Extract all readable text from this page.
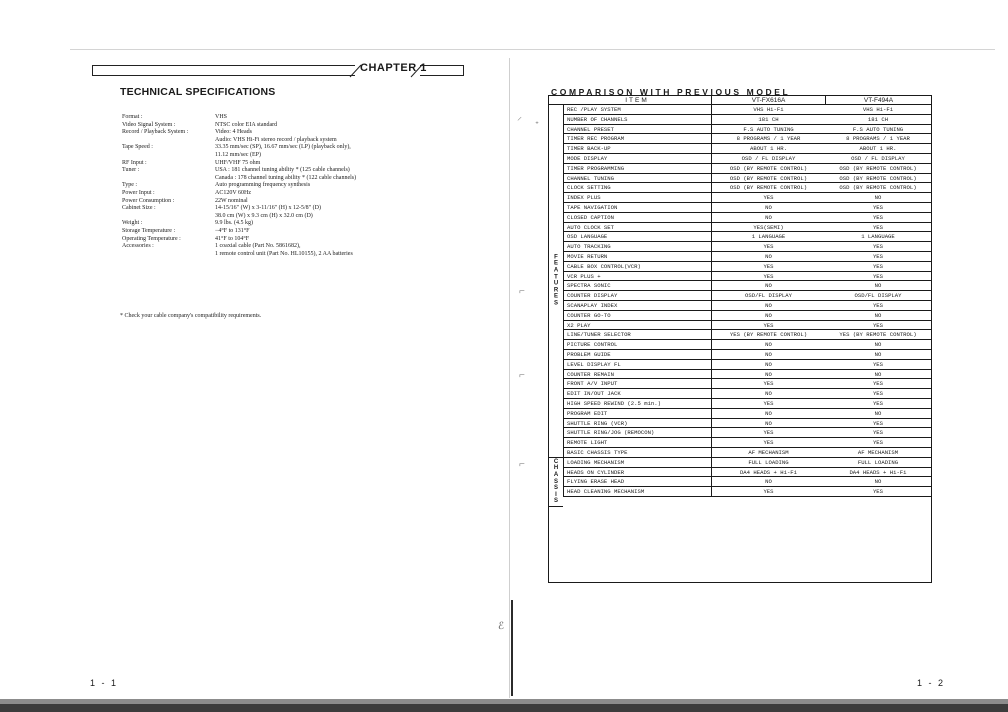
⸍ ᐩ
⌐
⌐
⌐
ℰ
CHAPTER 1
TECHNICAL SPECIFICATIONS
Format :	VHS
Video Signal System :	NTSC color EIA standard
Record / Playback System :	Video: 4 Heads
Audio: VHS Hi-Fi stereo record / playback system
Tape Speed :	33.35 mm/sec (SP), 16.67 mm/sec (LP) (playback only),
11.12 mm/sec (EP)
RF Input :	UHF/VHF 75 ohm
Tuner :	USA : 181 channel tuning ability * (125 cable channels)
Canada : 178 channel tuning ability * (122 cable channels)
Type :	Auto programming frequency synthesis
Power Input :	AC120V 60Hz
Power Consumption :	22W nominal
Cabinet Size :	14-15/16" (W) x 3-11/16" (H) x 12-5/8" (D)
38.0 cm (W) x 9.3 cm (H) x 32.0 cm (D)
Weight :	9.9 lbs. (4.5 kg)
Storage Temperature :	−4°F to 131°F
Operating Temperature :	41°F to 104°F
Accessories :	1 coaxial cable (Part No. 5861682),
1 remote control unit (Part No. HL10155), 2 AA batteries
* Check your cable company's compatibility requirements.
1 - 1
COMPARISON WITH PREVIOUS MODEL
ITEM	VT-FX616A	VT-F494A
REC /PLAY SYSTEM	VHS Hi-Fi	VHS Hi-Fi
NUMBER OF CHANNELS	181 CH	181 CH
CHANNEL PRESET	F.S AUTO TUNING	F.S AUTO TUNING
TIMER REC PROGRAM	8 PROGRAMS / 1 YEAR	8 PROGRAMS / 1 YEAR
TIMER BACK-UP	ABOUT 1 HR.	ABOUT 1 HR.
MODE DISPLAY	OSD / FL DISPLAY	OSD / FL DISPLAY
TIMER PROGRAMMING	OSD (BY REMOTE CONTROL)	OSD (BY REMOTE CONTROL)
CHANNEL TUNING	OSD (BY REMOTE CONTROL)	OSD (BY REMOTE CONTROL)
CLOCK SETTING	OSD (BY REMOTE CONTROL)	OSD (BY REMOTE CONTROL)
INDEX PLUS	YES	NO
TAPE NAVIGATION	NO	YES
CLOSED CAPTION	NO	YES
AUTO CLOCK SET	YES(SEMI)	YES
OSD LANGUAGE	1 LANGUAGE	1 LANGUAGE
AUTO TRACKING	YES	YES
MOVIE RETURN	NO	YES
CABLE BOX CONTROL(VCR)	YES	YES
VCR PLUS +	YES	YES
SPECTRA SONIC	NO	NO
COUNTER DISPLAY	OSD/FL DISPLAY	OSD/FL DISPLAY
SCANAPLAY INDEX	NO	YES
COUNTER GO-TO	NO	NO
X2 PLAY	YES	YES
LINE/TUNER SELECTOR	YES (BY REMOTE CONTROL)	YES (BY REMOTE CONTROL)
PICTURE CONTROL	NO	NO
PROBLEM GUIDE	NO	NO
LEVEL DISPLAY FL	NO	YES
COUNTER REMAIN	NO	NO
FRONT A/V INPUT	YES	YES
EDIT IN/OUT JACK	NO	YES
HIGH SPEED REWIND (2.5 min.)	YES	YES
PROGRAM EDIT	NO	NO
SHUTTLE RING (VCR)	NO	YES
SHUTTLE RING/JOG (REMOCON)	YES	YES
REMOTE LIGHT	YES	YES
BASIC CHASSIS TYPE	AF MECHANISM	AF MECHANISM
LOADING MECHANISM	FULL LOADING	FULL LOADING
HEADS ON CYLINDER	DA4 HEADS + Hi-Fi	DA4 HEADS + Hi-Fi
FLYING ERASE HEAD	NO	NO
HEAD CLEANING MECHANISM	YES	YES
F
E
A
T
U
R
E
S
C
H
A
S
S
I
S
1 - 2
